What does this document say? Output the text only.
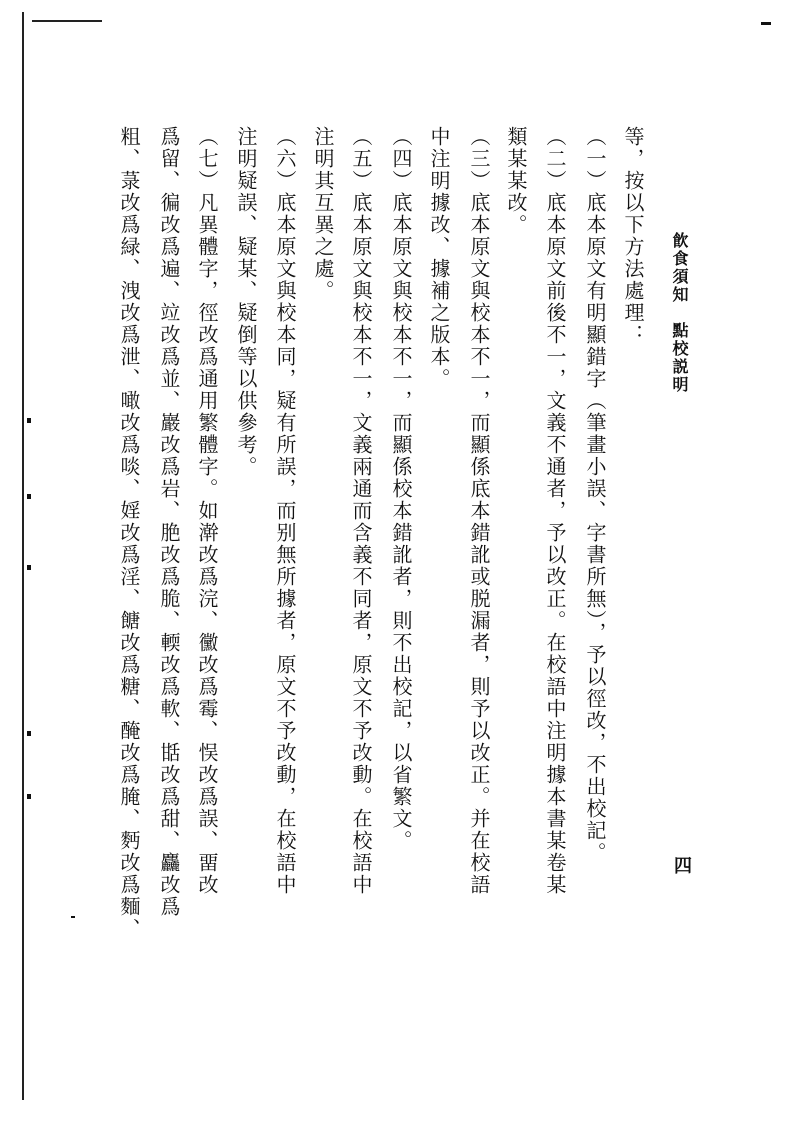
飮食須知　點校説明
四
等，按以下方法處理：
（一）底本原文有明顯錯字（筆畫小誤、字書所無），予以徑改，不出校記。
（二）底本原文前後不一，文義不通者，予以改正。在校語中注明據本書某卷某
類某某改。
（三）底本原文與校本不一，而顯係底本錯訛或脱漏者，則予以改正。并在校語
中注明據改、據補之版本。
（四）底本原文與校本不一，而顯係校本錯訛者，則不出校記，以省繁文。
（五）底本原文與校本不一，文義兩通而含義不同者，原文不予改動。在校語中
注明其互異之處。
（六）底本原文與校本同，疑有所誤，而别無所據者，原文不予改動，在校語中
注明疑誤、疑某、疑倒等以供參考。
（七）凡異體字，徑改爲通用繁體字。如澣改爲浣、黴改爲霉、悮改爲誤、畱改
爲留、徧改爲遍、竝改爲並、巖改爲岩、脃改爲脆、輭改爲軟、甛改爲甜、麤改爲
粗、菉改爲緑、洩改爲泄、噉改爲啖、婬改爲淫、餹改爲糖、醃改爲腌、麪改爲麵、
